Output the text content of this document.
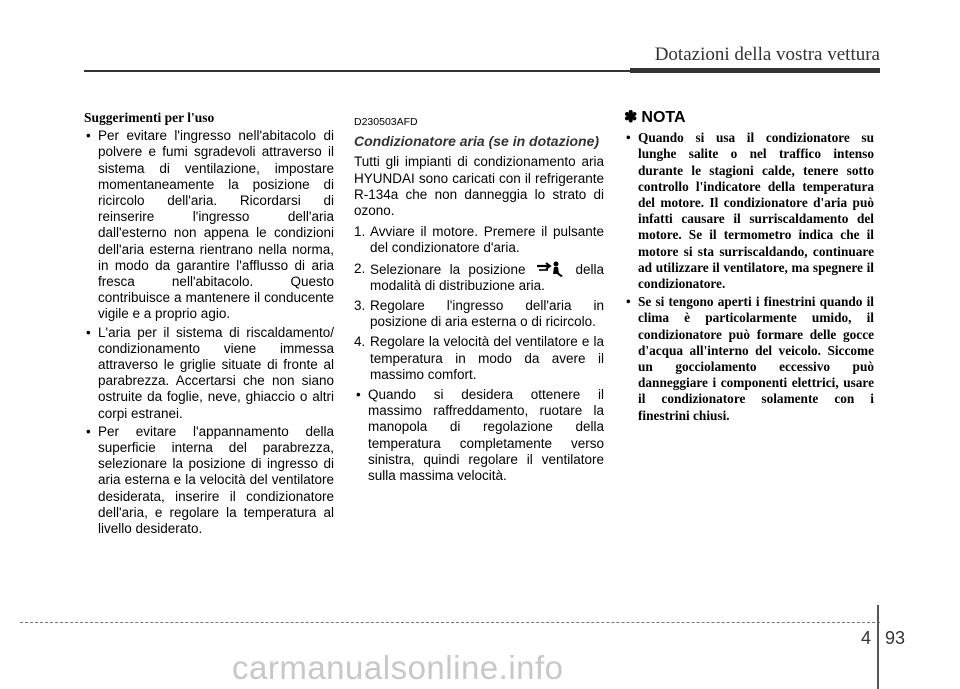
Dotazioni della vostra vettura
Suggerimenti per l'uso
• Per evitare l'ingresso nell'abitacolo di polvere e fumi sgradevoli attraverso il sistema di ventilazione, impostare momentaneamente la posizione di ricircolo dell'aria. Ricordarsi di reinserire l'ingresso dell'aria dall'esterno non appena le condizioni dell'aria esterna rientrano nella norma, in modo da garantire l'afflusso di aria fresca nell'abitacolo. Questo contribuisce a mantenere il conducente vigile e a proprio agio.
• L'aria per il sistema di riscaldamento/ condizionamento viene immessa attraverso le griglie situate di fronte al parabrezza. Accertarsi che non siano ostruite da foglie, neve, ghiaccio o altri corpi estranei.
• Per evitare l'appannamento della superficie interna del parabrezza, selezionare la posizione di ingresso di aria esterna e la velocità del ventilatore desiderata, inserire il condizionatore dell'aria, e regolare la temperatura al livello desiderato.
D230503AFD
Condizionatore aria (se in dotazione)
Tutti gli impianti di condizionamento aria HYUNDAI sono caricati con il refrigerante R-134a che non danneggia lo strato di ozono.
1. Avviare il motore. Premere il pulsante del condizionatore d'aria.
2. Selezionare la posizione	della modalità di distribuzione aria.
3. Regolare l'ingresso dell'aria in posizione di aria esterna o di ricircolo.
4. Regolare la velocità del ventilatore e la temperatura in modo da avere il massimo comfort.
• Quando si desidera ottenere il massimo raffreddamento, ruotare la manopola di regolazione della temperatura completamente verso sinistra, quindi regolare il ventilatore sulla massima velocità.
✽ NOTA
• Quando si usa il condizionatore su lunghe salite o nel traffico intenso durante le stagioni calde, tenere sotto controllo l'indicatore della temperatura del motore. Il condizionatore d'aria può infatti causare il surriscaldamento del motore. Se il termometro indica che il motore si sta surriscaldando, continuare ad utilizzare il ventilatore, ma spegnere il condizionatore.
• Se si tengono aperti i finestrini quando il clima è particolarmente umido, il condizionatore può formare delle gocce d'acqua all'interno del veicolo. Siccome un gocciolamento eccessivo può danneggiare i componenti elettrici, usare il condizionatore solamente con i finestrini chiusi.
4 93
carmanualsonline.info
